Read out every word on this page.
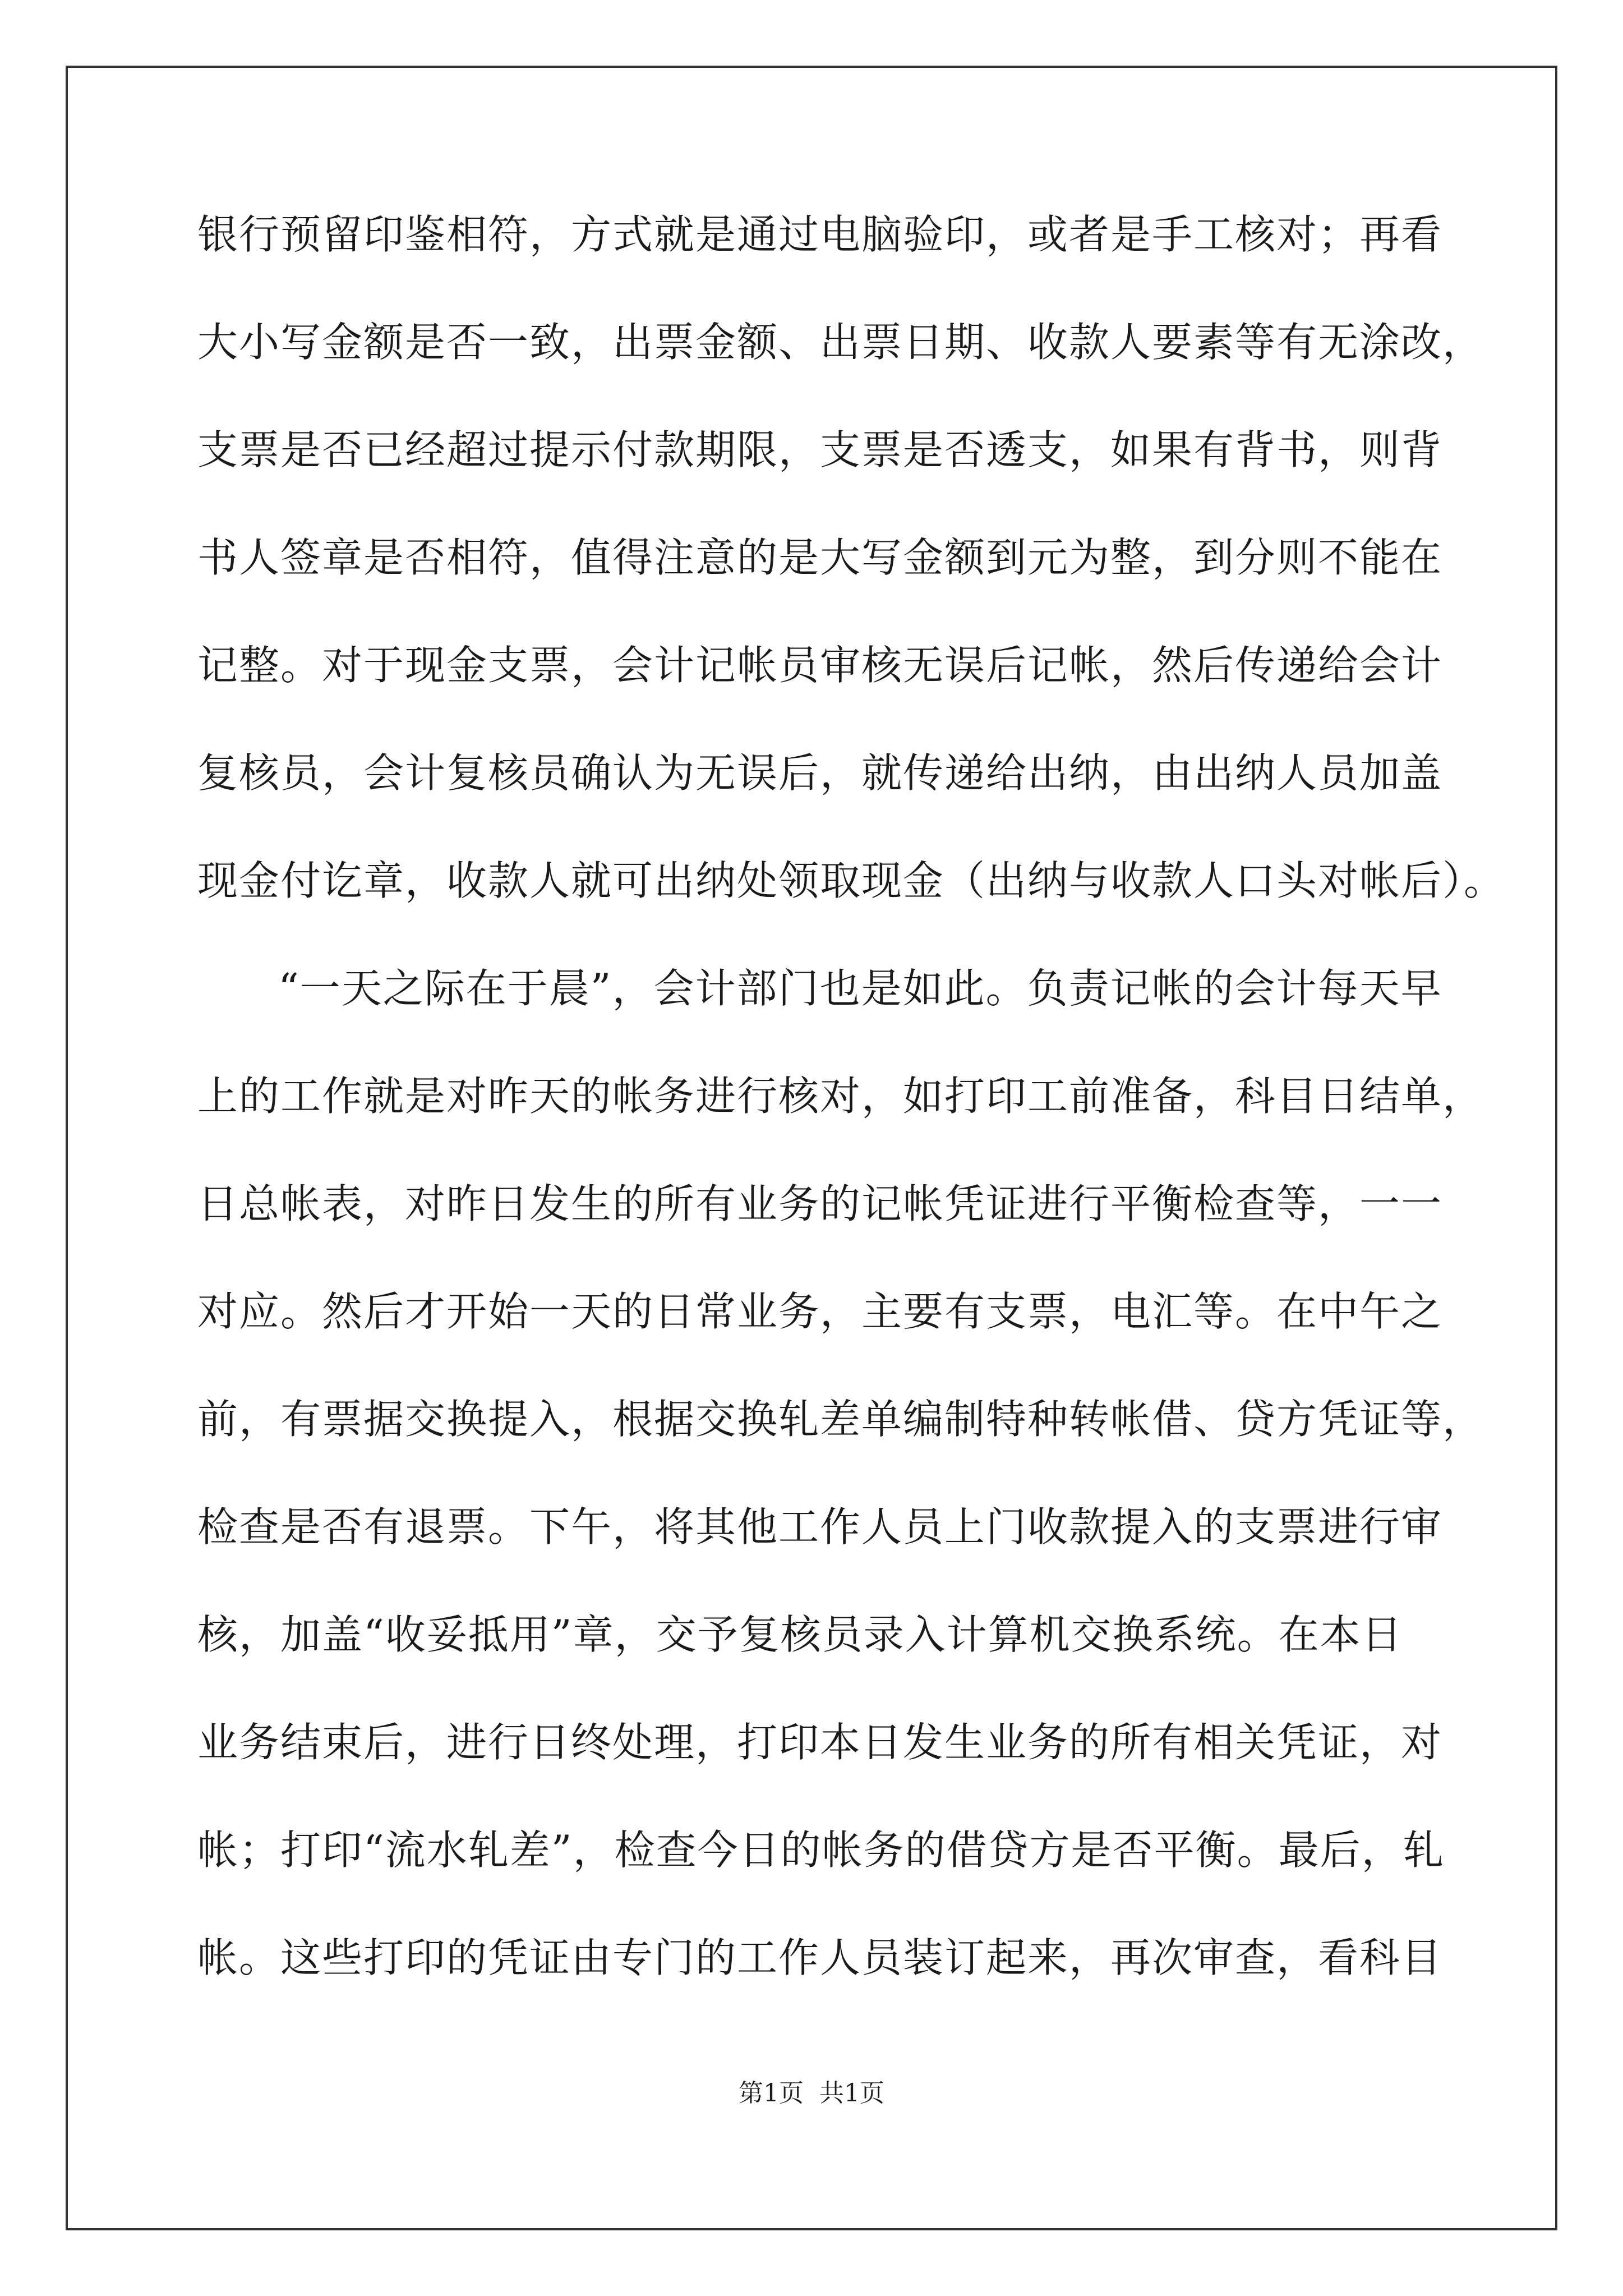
银行预留印鉴相符，方式就是通过电脑验印，或者是手工核对；再看

大小写金额是否一致，出票金额、出票日期、收款人要素等有无涂改，

支票是否已经超过提示付款期限，支票是否透支，如果有背书，则背

书人签章是否相符，值得注意的是大写金额到元为整，到分则不能在

记整。对于现金支票，会计记帐员审核无误后记帐，然后传递给会计

复核员，会计复核员确认为无误后，就传递给出纳，由出纳人员加盖

现金付讫章，收款人就可出纳处领取现金（出纳与收款人口头对帐后）。

“一天之际在于晨”，会计部门也是如此。负责记帐的会计每天早

上的工作就是对昨天的帐务进行核对，如打印工前准备，科目日结单，

日总帐表，对昨日发生的所有业务的记帐凭证进行平衡检查等，一一

对应。然后才开始一天的日常业务，主要有支票，电汇等。在中午之

前，有票据交换提入，根据交换轧差单编制特种转帐借、贷方凭证等，

检查是否有退票。下午，将其他工作人员上门收款提入的支票进行审

核，加盖“收妥抵用”章，交予复核员录入计算机交换系统。在本日

业务结束后，进行日终处理，打印本日发生业务的所有相关凭证，对

帐；打印“流水轧差”，检查今日的帐务的借贷方是否平衡。最后，轧

帐。这些打印的凭证由专门的工作人员装订起来，再次审查，看科目

第1页  共1页
